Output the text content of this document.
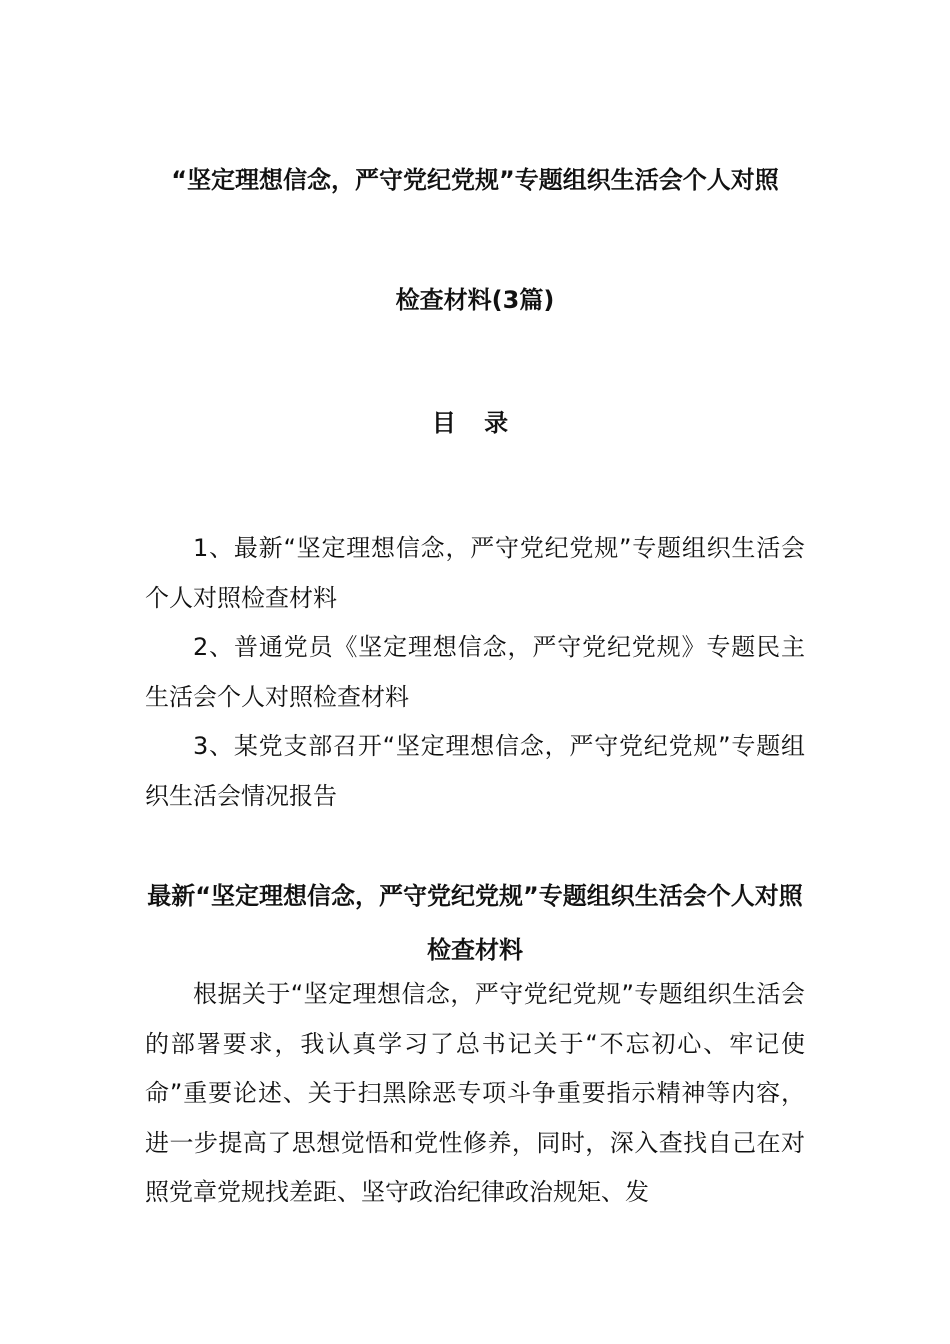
“坚定理想信念，严守党纪党规”专题组织生活会个人对照
检查材料(3篇)
目 录
1、最新“坚定理想信念，严守党纪党规”专题组织生活会个人对照检查材料
2、普通党员《坚定理想信念，严守党纪党规》专题民主生活会个人对照检查材料
3、某党支部召开“坚定理想信念，严守党纪党规”专题组织生活会情况报告
最新“坚定理想信念，严守党纪党规”专题组织生活会个人对照检查材料

根据关于“坚定理想信念，严守党纪党规”专题组织生活会的部署要求，我认真学习了总书记关于“不忘初心、牢记使命”重要论述、关于扫黑除恶专项斗争重要指示精神等内容，进一步提高了思想觉悟和党性修养，同时，深入查找自己在对照党章党规找差距、坚守政治纪律政治规矩、发
